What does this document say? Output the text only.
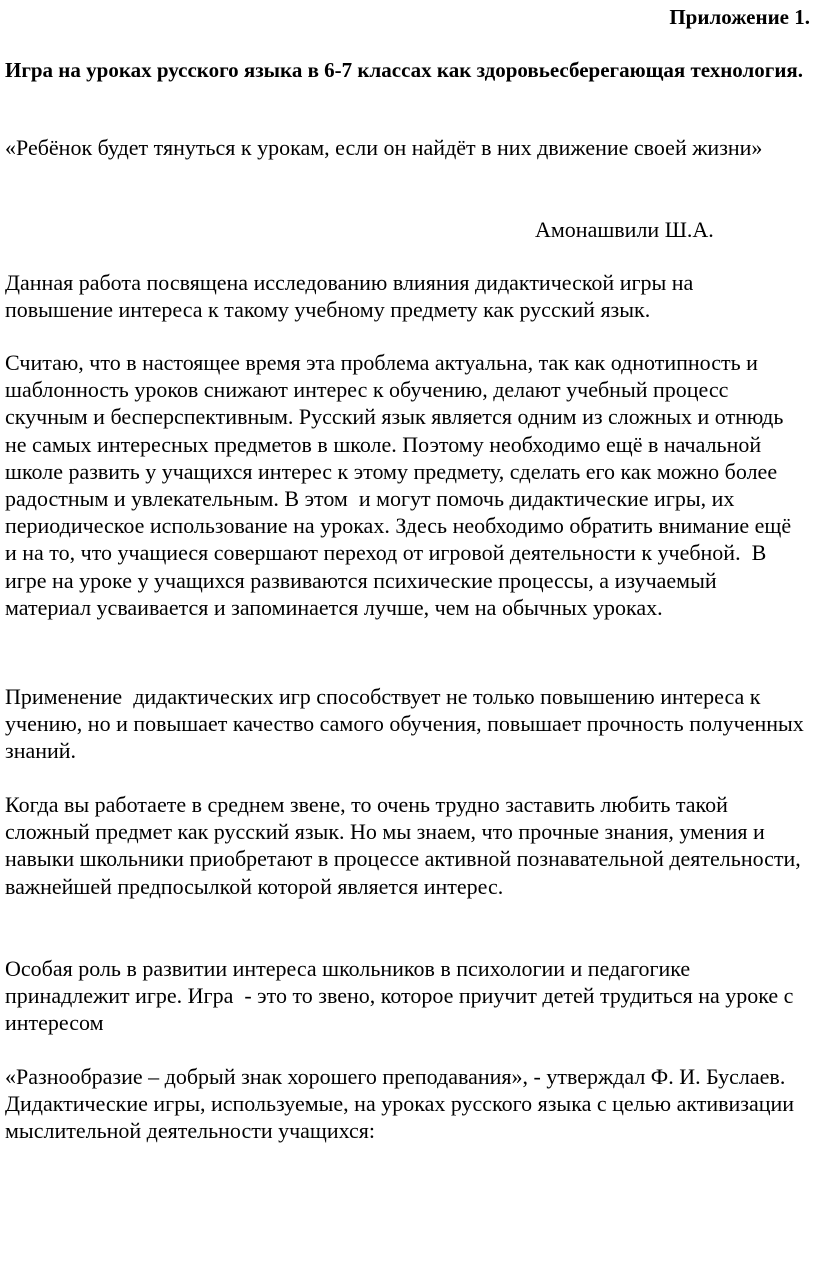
Приложение 1.
Игра на уроках русского языка в 6-7 классах как здоровьесберегающая технология.

«Ребёнок будет тянуться к урокам, если он найдёт в них движение своей жизни»

Амонашвили Ш.А.

Данная работа посвящена исследованию влияния дидактической игры на повышение интереса к такому учебному предмету как русский язык.

Считаю, что в настоящее время эта проблема актуальна, так как однотипность и шаблонность уроков снижают интерес к обучению, делают учебный процесс скучным и бесперспективным. Русский язык является одним из сложных и отнюдь не самых интересных предметов в школе. Поэтому необходимо ещё в начальной школе развить у учащихся интерес к этому предмету, сделать его как можно более радостным и увлекательным. В этом  и могут помочь дидактические игры, их периодическое использование на уроках. Здесь необходимо обратить внимание ещё и на то, что учащиеся совершают переход от игровой деятельности к учебной.  В игре на уроке у учащихся развиваются психические процессы, а изучаемый материал усваивается и запоминается лучше, чем на обычных уроках.

Применение  дидактических игр способствует не только повышению интереса к учению, но и повышает качество самого обучения, повышает прочность полученных знаний.

Когда вы работаете в среднем звене, то очень трудно заставить любить такой сложный предмет как русский язык. Но мы знаем, что прочные знания, умения и навыки школьники приобретают в процессе активной познавательной деятельности, важнейшей предпосылкой которой является интерес.

Особая роль в развитии интереса школьников в психологии и педагогике принадлежит игре. Игра  - это то звено, которое приучит детей трудиться на уроке с интересом

«Разнообразие – добрый знак хорошего преподавания», - утверждал Ф. И. Буслаев. Дидактические игры, используемые, на уроках русского языка с целью активизации мыслительной деятельности учащихся:
